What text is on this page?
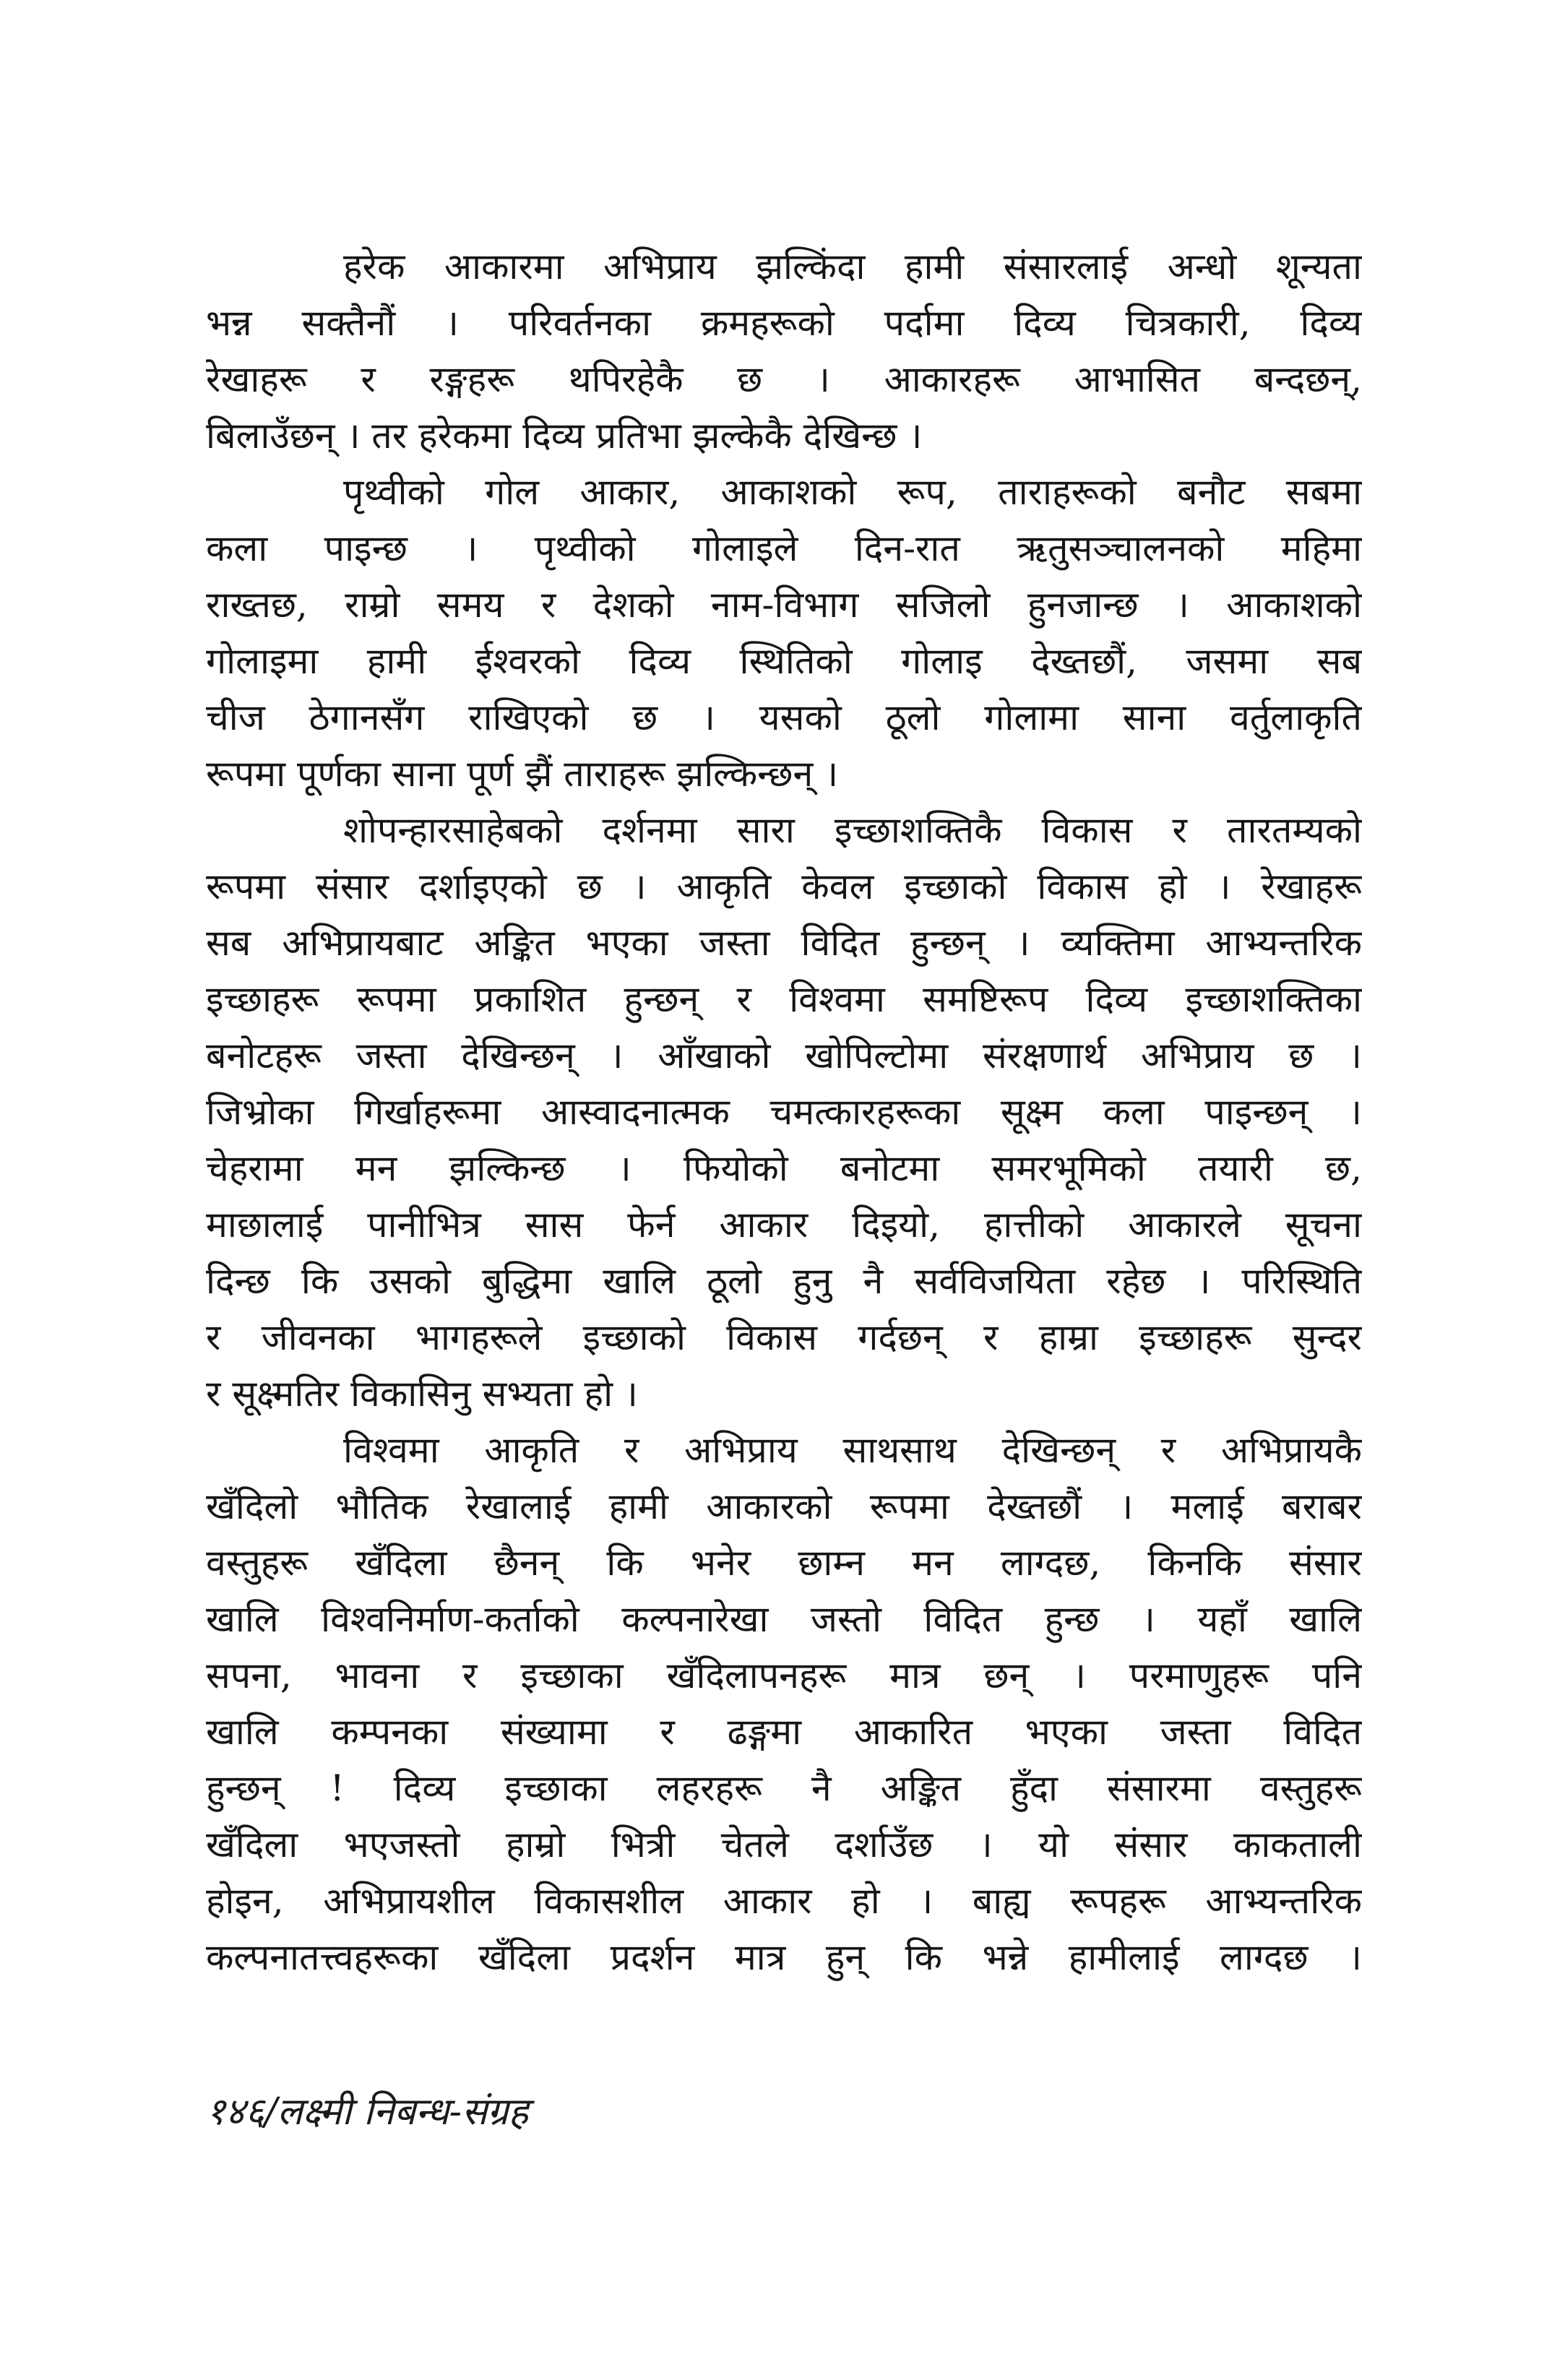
हरेक आकारमा अभिप्राय झल्किंदा हामी संसारलाई अन्धो शून्यता
भन्न सक्तैनौं । परिवर्तनका क्रमहरूको पर्दामा दिव्य चित्रकारी, दिव्य
रेखाहरू र रङ्गहरू थपिरहेकै छ । आकारहरू आभासित बन्दछन्,
बिलाउँछन् । तर हरेकमा दिव्य प्रतिभा झल्केकै देखिन्छ ।
पृथ्वीको गोल आकार, आकाशको रूप, ताराहरूको बनौट सबमा
कला पाइन्छ । पृथ्वीको गोलाइले दिन-रात ऋतुसञ्चालनको महिमा
राख्तछ, राम्रो समय र देशको नाम-विभाग सजिलो हुनजान्छ । आकाशको
गोलाइमा हामी ईश्वरको दिव्य स्थितिको गोलाइ देख्तछौं, जसमा सब
चीज ठेगानसँग राखिएको छ । यसको ठूलो गोलामा साना वर्तुलाकृति
रूपमा पूर्णका साना पूर्ण झैं ताराहरू झल्किन्छन् ।
शोपन्हारसाहेबको दर्शनमा सारा इच्छाशक्तिकै विकास र तारतम्यको
रूपमा संसार दर्शाइएको छ । आकृति केवल इच्छाको विकास हो । रेखाहरू
सब अभिप्रायबाट अङ्कित भएका जस्ता विदित हुन्छन् । व्यक्तिमा आभ्यन्तरिक
इच्छाहरू रूपमा प्रकाशित हुन्छन् र विश्वमा समष्टिरूप दिव्य इच्छाशक्तिका
बनोटहरू जस्ता देखिन्छन् । आँखाको खोपिल्टोमा संरक्षणार्थ अभिप्राय छ ।
जिभ्रोका गिर्खाहरूमा आस्वादनात्मक चमत्कारहरूका सूक्ष्म कला पाइन्छन् ।
चेहरामा मन झल्किन्छ । फियोको बनोटमा समरभूमिको तयारी छ,
माछालाई पानीभित्र सास फेर्न आकार दिइयो, हात्तीको आकारले सूचना
दिन्छ कि उसको बुद्धिमा खालि ठूलो हुनु नै सर्वविजयिता रहेछ । परिस्थिति
र जीवनका भागहरूले इच्छाको विकास गर्दछन् र हाम्रा इच्छाहरू सुन्दर
र सूक्ष्मतिर विकासिनु सभ्यता हो ।
विश्वमा आकृति र अभिप्राय साथसाथ देखिन्छन् र अभिप्रायकै
खँदिलो भौतिक रेखालाई हामी आकारको रूपमा देख्तछौं । मलाई बराबर
वस्तुहरू खँदिला छैनन् कि भनेर छाम्न मन लाग्दछ, किनकि संसार
खालि विश्वनिर्माण-कर्ताको कल्पनारेखा जस्तो विदित हुन्छ । यहाँ खालि
सपना, भावना र इच्छाका खँदिलापनहरू मात्र छन् । परमाणुहरू पनि
खालि कम्पनका संख्यामा र ढङ्गमा आकारित भएका जस्ता विदित
हुन्छन् ! दिव्य इच्छाका लहरहरू नै अङ्कित हुँदा संसारमा वस्तुहरू
खँदिला भएजस्तो हाम्रो भित्री चेतले दर्शाउँछ । यो संसार काकताली
होइन, अभिप्रायशील विकासशील आकार हो । बाह्य रूपहरू आभ्यन्तरिक
कल्पनातत्त्वहरूका खँदिला प्रदर्शन मात्र हुन् कि भन्ने हामीलाई लाग्दछ ।
१४६/लक्ष्मी निबन्ध-संग्रह
